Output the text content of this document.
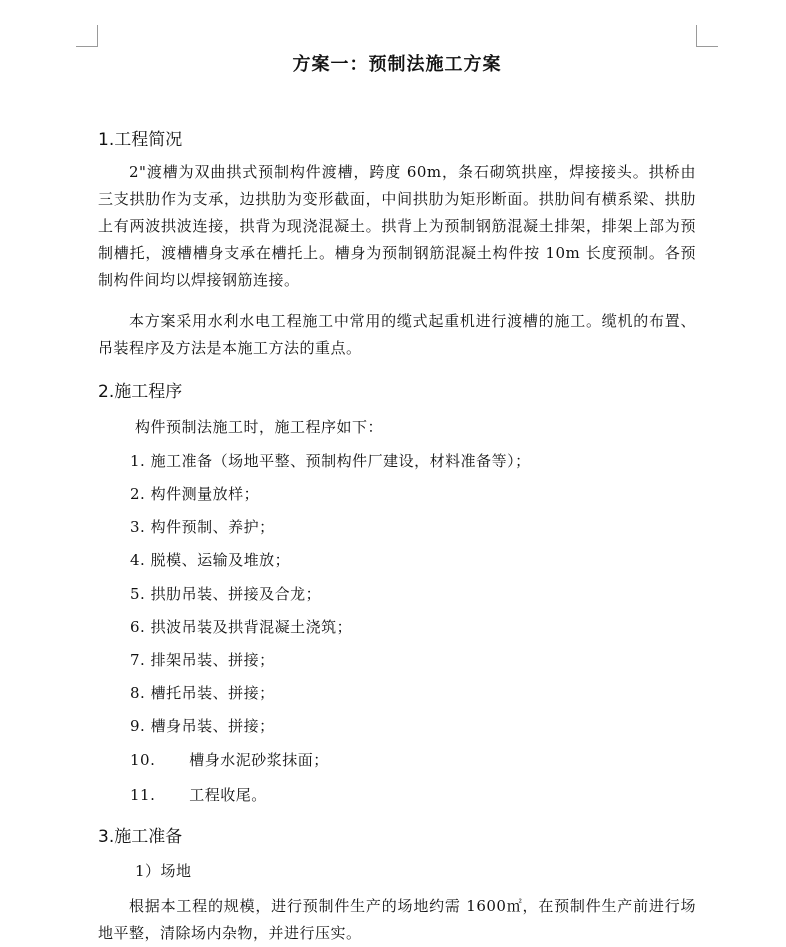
方案一：预制法施工方案
1.工程简况

2"渡槽为双曲拱式预制构件渡槽，跨度 60m，条石砌筑拱座，焊接接头。拱桥由三支拱肋作为支承，边拱肋为变形截面，中间拱肋为矩形断面。拱肋间有横系梁、拱肋上有两波拱波连接，拱背为现浇混凝土。拱背上为预制钢筋混凝土排架，排架上部为预制槽托，渡槽槽身支承在槽托上。槽身为预制钢筋混凝土构件按 10m 长度预制。各预制构件间均以焊接钢筋连接。

本方案采用水利水电工程施工中常用的缆式起重机进行渡槽的施工。缆机的布置、吊装程序及方法是本施工方法的重点。

2.施工程序
构件预制法施工时，施工程序如下：
1. 施工准备（场地平整、预制构件厂建设，材料准备等）；
2. 构件测量放样；
3. 构件预制、养护；
4. 脱模、运输及堆放；
5. 拱肋吊装、拼接及合龙；
6. 拱波吊装及拱背混凝土浇筑；
7. 排架吊装、拼接；
8. 槽托吊装、拼接；
9. 槽身吊装、拼接；
10. 槽身水泥砂浆抹面；
11. 工程收尾。
3.施工准备
1）场地

根据本工程的规模，进行预制件生产的场地约需 1600㎡，在预制件生产前进行场地平整，清除场内杂物，并进行压实。
